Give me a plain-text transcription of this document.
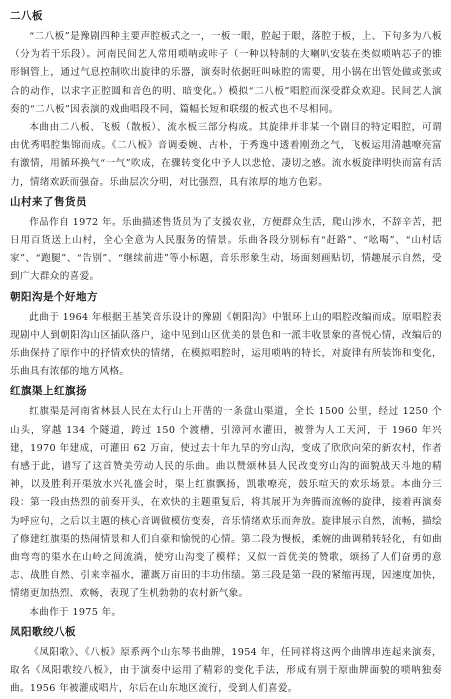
二八板

“二八板”是豫剧四种主要声腔板式之一，一板一眼，腔起于眼，落腔于板，上、下句多为八板（分为若干乐段）。河南民间艺人常用唢呐或咔子（一种以特制的大喇叭安装在类似唢呐芯子的锥形铜管上，通过气息控制吹出旋律的乐器，演奏时依据旺叫咏腔的需要，用小锅在出管处做或张或合的动作，以求字正腔圆和音色的明、暗变化。）模拟“二八板”唱腔而深受群众欢迎。民间艺人演奏的“二八板”因表演的戏曲唱段不同，篇幅长短和联缀的板式也不尽相同。

本曲由二八板、飞板（散板）、流水板三部分构成。其旋律并非某一个剧目的特定唱腔，可谓由优秀唱腔集锦而成。《二八板》音调委婉、古朴，于秀逸中透着刚劲之气，飞板运用清越嘹亮富有激情，用循环换气“一气”吹成，在骤转变化中予人以悲怆、凄切之感。流水板旋律明快而富有活力，情绪欢跃而强奋。乐曲层次分明，对比强烈，具有浓厚的地方色彩。

山村来了售货员

作品作自 1972 年。乐曲描述售货员为了支援农业，方便群众生活，爬山涉水，不辞辛苦，把日用百货送上山村，全心全意为人民服务的情景。乐曲各段分别标有“赶路”、“吆喝”、“山村话家”、“跑腿”、“告别”、“继续前进”等小标题，音乐形象生动，场面刻画贴切，情趣展示自然，受到广大群众的喜爱。

朝阳沟是个好地方

此曲于 1964 年根据王基笑音乐设计的豫剧《朝阳沟》中银环上山的唱腔改编而成。原唱腔表现剧中人到朝阳沟山区插队落户，途中见到山区优美的景色和一派丰收景象的喜悦心情，改编后的乐曲保持了原作中的抒情欢快的情绪，在模拟唱腔时，运用唢呐的特长，对旋律有所装饰和变化，乐曲具有浓郁的地方风格。

红旗渠上红旗扬

红旗渠是河南省林县人民在太行山上开凿的一条盘山渠道，全长 1500 公里，经过 1250 个山头，穿越 134 个隧道，跨过 150 个渡槽，引漳河水灌田，被誉为人工天河，于 1960 年兴建，1970 年建成，可灌田 62 万亩，使过去十年九旱的穷山沟，变成了欣欣向荣的新农村，作者有感于此，谱写了这首赞美劳动人民的乐曲。曲以赞颂林县人民改变穷山沟的面貌战天斗地的精神，以及胜利开渠放水兴礼盛会时，渠上红旗飘扬，凯歌嘹亮，鼓乐喧天的欢乐场景。本曲分三段：第一段由热烈的前奏开头，在欢快的主题重复后，将其展开为奔腾而流畅的旋律，接着再演奏为呼应句，之后以主题的核心音调做模仿变奏，音乐情绪欢乐而奔放。旋律展示自然，流畅，描绘了修建红旗渠的热闹情景和人们自豪和愉悦的心情。第二段为慢板，柔婉的曲调稍转轻化，有如曲曲弯弯的渠水在山岭之间流淌，使穷山沟变了模样；又似一首优美的赞歌，颂扬了人们奋勇的意志、战胜自然、引来幸福水，灌溉万亩田的丰功伟绩。第三段是第一段的紧缩再现，因速度加快，情绪更加热烈、欢畅，表现了生机勃勃的农村新气象。

本曲作于 1975 年。

凤阳歌绞八板

《凤阳歌》、《八板》原系两个山东琴书曲牌，1954 年，任同祥将这两个曲牌串连起来演奏，取名《凤阳歌绞八板》，由于演奏中运用了精彩的变化手法，形成有别于原曲牌面貌的唢呐独奏曲。1956 年被灌成唱片，尔后在山东地区流行，受到人们喜爱。
